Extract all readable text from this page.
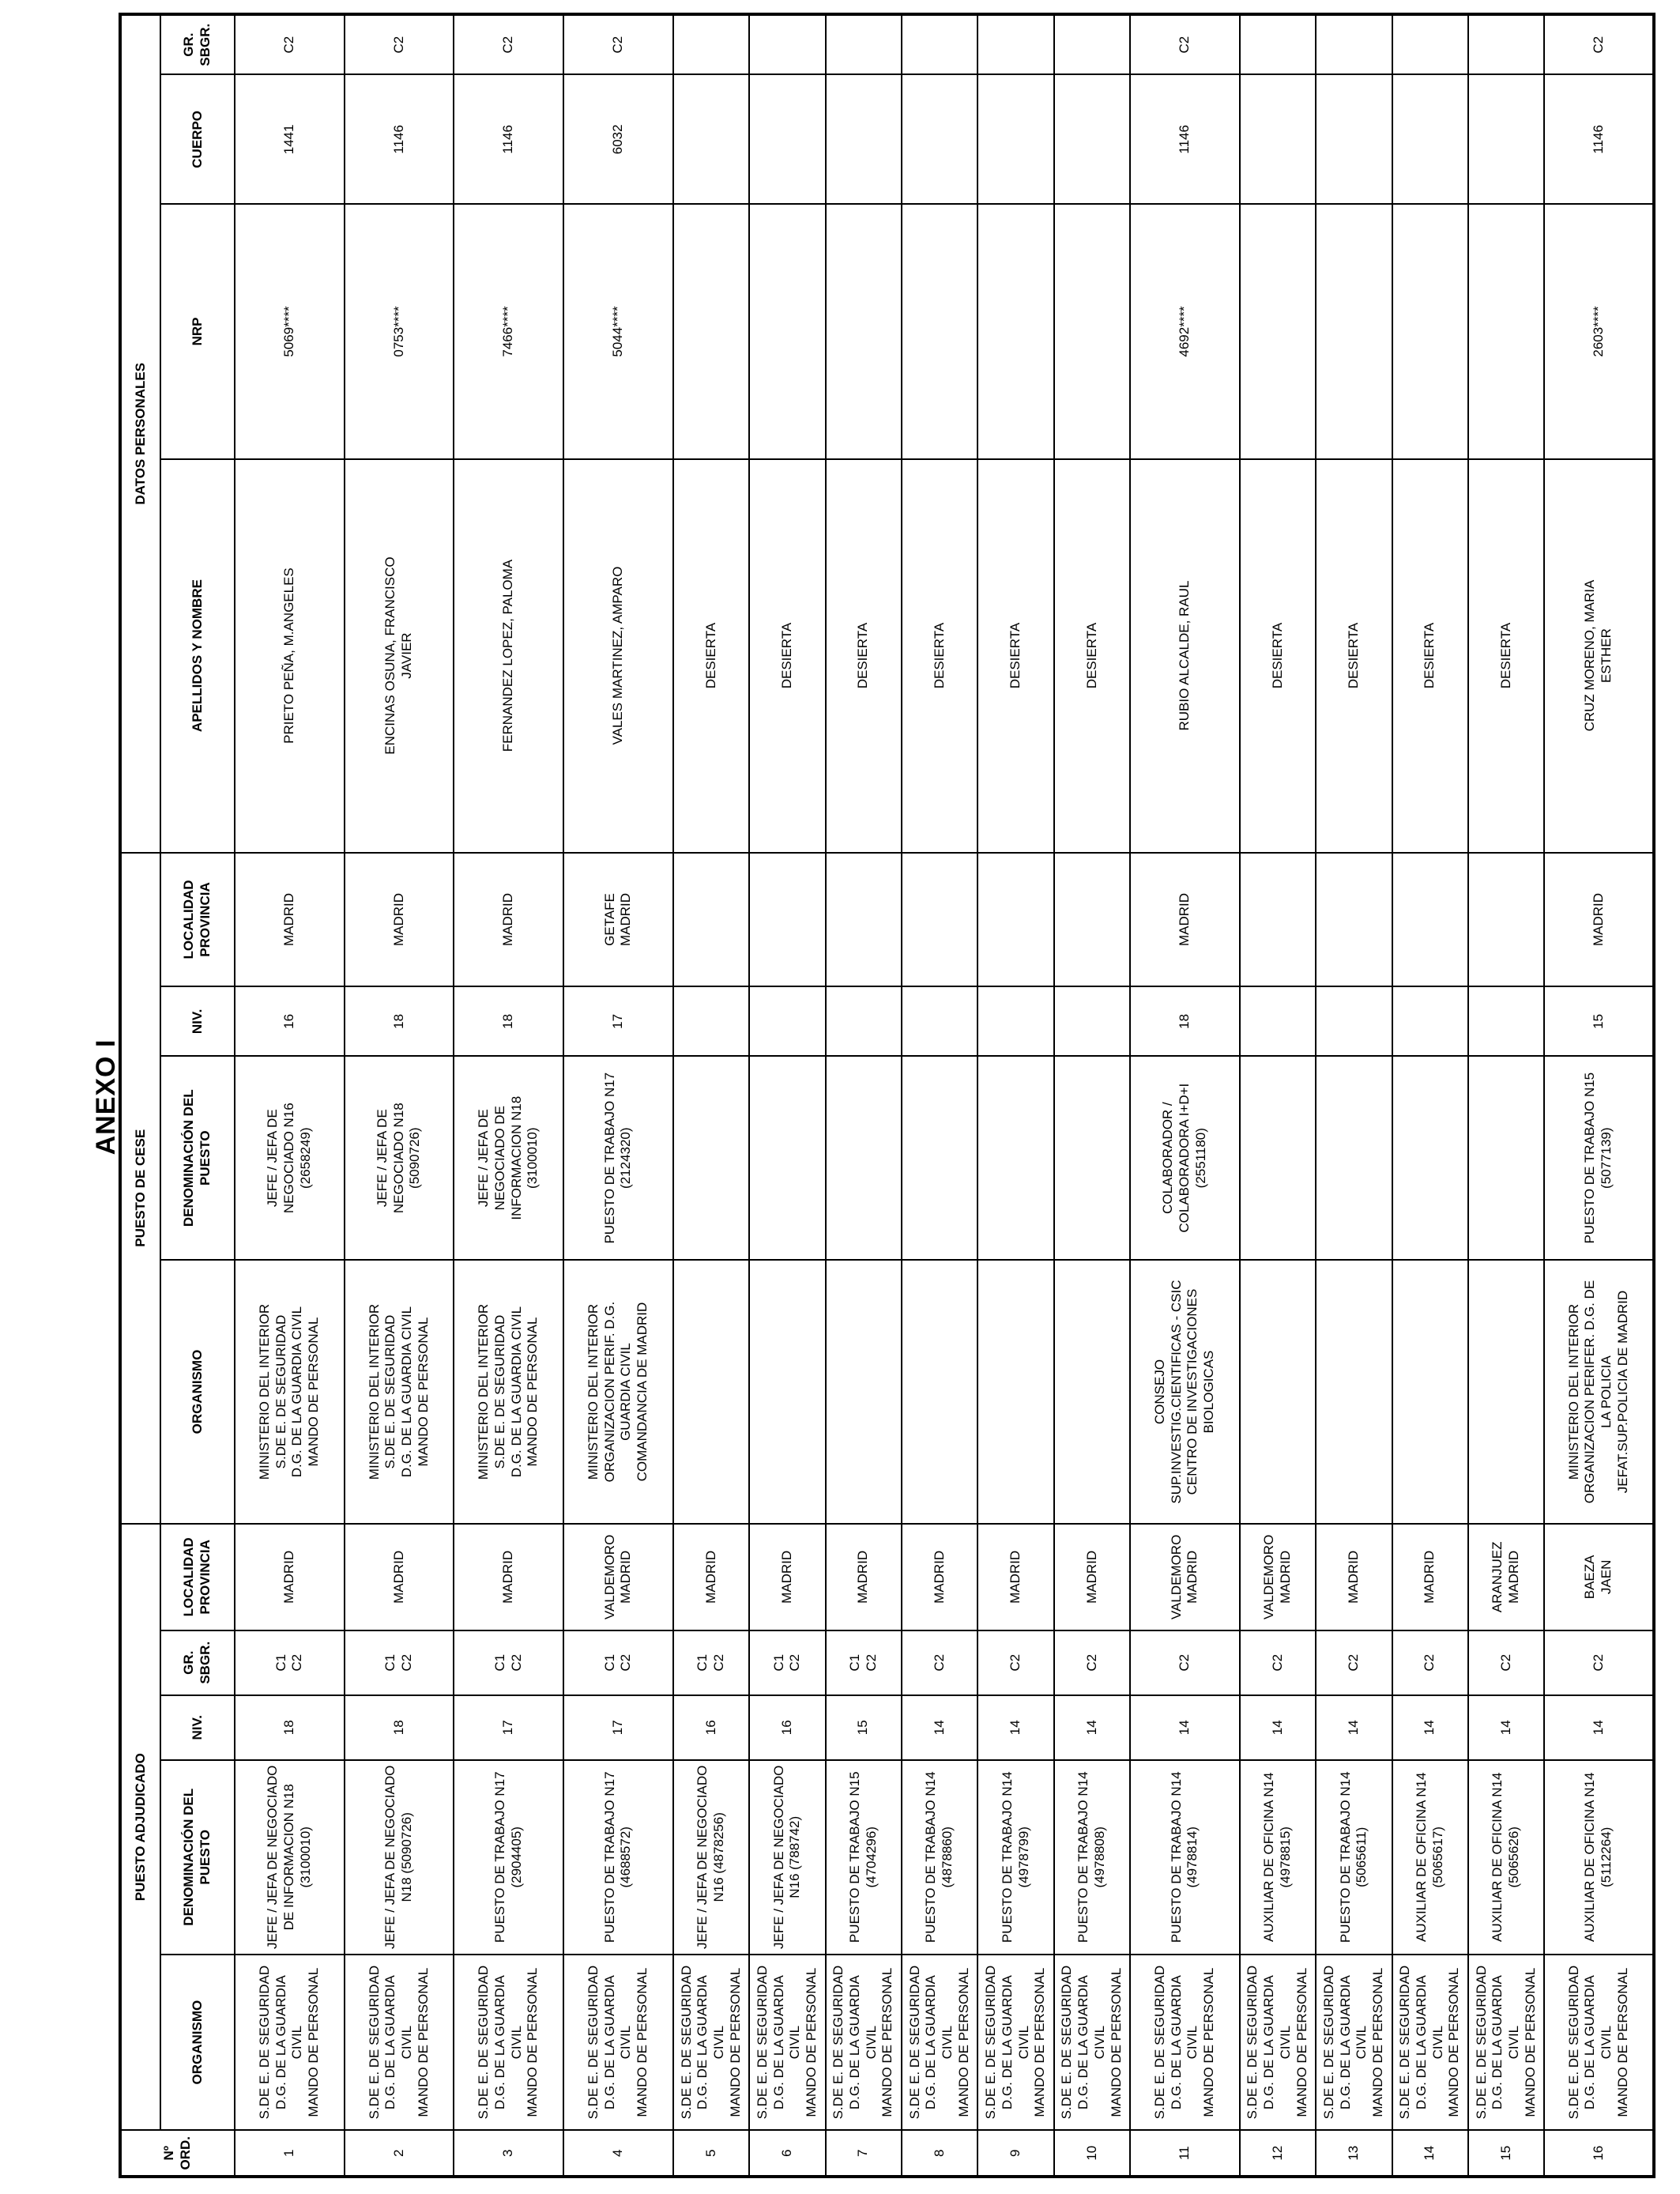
ANEXO I
Nº
ORD.	PUESTO ADJUDICADO					PUESTO DE CESE				DATOS PERSONALES			
	ORGANISMO	DENOMINACIÓN DEL
PUESTO	NIV.	GR.
SBGR.	LOCALIDAD
PROVINCIA	ORGANISMO	DENOMINACIÓN DEL
PUESTO	NIV.	LOCALIDAD
PROVINCIA	APELLIDOS Y NOMBRE	NRP	CUERPO	GR.
SBGR.
1	S.DE E. DE SEGURIDAD
D.G. DE LA GUARDIA CIVIL
MANDO DE PERSONAL	JEFE / JEFA DE NEGOCIADO
DE INFORMACION N18
(3100010)	18	C1
C2	MADRID	MINISTERIO DEL INTERIOR
S.DE E. DE SEGURIDAD
D.G. DE LA GUARDIA CIVIL
MANDO DE PERSONAL	JEFE / JEFA DE
NEGOCIADO N16
(2658249)	16	MADRID	PRIETO PEÑA, M.ANGELES	5069****	1441	C2
2	S.DE E. DE SEGURIDAD
D.G. DE LA GUARDIA CIVIL
MANDO DE PERSONAL	JEFE / JEFA DE NEGOCIADO
N18 (5090726)	18	C1
C2	MADRID	MINISTERIO DEL INTERIOR
S.DE E. DE SEGURIDAD
D.G. DE LA GUARDIA CIVIL
MANDO DE PERSONAL	JEFE / JEFA DE
NEGOCIADO N18
(5090726)	18	MADRID	ENCINAS OSUNA, FRANCISCO
JAVIER	0753****	1146	C2
3	S.DE E. DE SEGURIDAD
D.G. DE LA GUARDIA CIVIL
MANDO DE PERSONAL	PUESTO DE TRABAJO N17
(2904405)	17	C1
C2	MADRID	MINISTERIO DEL INTERIOR
S.DE E. DE SEGURIDAD
D.G. DE LA GUARDIA CIVIL
MANDO DE PERSONAL	JEFE / JEFA DE
NEGOCIADO DE
INFORMACION N18
(3100010)	18	MADRID	FERNANDEZ LOPEZ, PALOMA	7466****	1146	C2
4	S.DE E. DE SEGURIDAD
D.G. DE LA GUARDIA CIVIL
MANDO DE PERSONAL	PUESTO DE TRABAJO N17
(4688572)	17	C1
C2	VALDEMORO
MADRID	MINISTERIO DEL INTERIOR
ORGANIZACION PERIF. D.G.
GUARDIA CIVIL
COMANDANCIA DE MADRID	PUESTO DE TRABAJO N17
(2124320)	17	GETAFE
MADRID	VALES MARTINEZ, AMPARO	5044****	6032	C2
5	S.DE E. DE SEGURIDAD
D.G. DE LA GUARDIA CIVIL
MANDO DE PERSONAL	JEFE / JEFA DE NEGOCIADO
N16 (4878256)	16	C1
C2	MADRID					DESIERTA			
6	S.DE E. DE SEGURIDAD
D.G. DE LA GUARDIA CIVIL
MANDO DE PERSONAL	JEFE / JEFA DE NEGOCIADO
N16 (788742)	16	C1
C2	MADRID					DESIERTA			
7	S.DE E. DE SEGURIDAD
D.G. DE LA GUARDIA CIVIL
MANDO DE PERSONAL	PUESTO DE TRABAJO N15
(4704296)	15	C1
C2	MADRID					DESIERTA			
8	S.DE E. DE SEGURIDAD
D.G. DE LA GUARDIA CIVIL
MANDO DE PERSONAL	PUESTO DE TRABAJO N14
(4878860)	14	C2	MADRID					DESIERTA			
9	S.DE E. DE SEGURIDAD
D.G. DE LA GUARDIA CIVIL
MANDO DE PERSONAL	PUESTO DE TRABAJO N14
(4978799)	14	C2	MADRID					DESIERTA			
10	S.DE E. DE SEGURIDAD
D.G. DE LA GUARDIA CIVIL
MANDO DE PERSONAL	PUESTO DE TRABAJO N14
(4978808)	14	C2	MADRID					DESIERTA			
11	S.DE E. DE SEGURIDAD
D.G. DE LA GUARDIA CIVIL
MANDO DE PERSONAL	PUESTO DE TRABAJO N14
(4978814)	14	C2	VALDEMORO
MADRID	CONSEJO
SUP.INVESTIG.CIENTIFICAS - CSIC
CENTRO DE INVESTIGACIONES
BIOLOGICAS	COLABORADOR /
COLABORADORA I+D+I
(2551180)	18	MADRID	RUBIO ALCALDE, RAUL	4692****	1146	C2
12	S.DE E. DE SEGURIDAD
D.G. DE LA GUARDIA CIVIL
MANDO DE PERSONAL	AUXILIAR DE OFICINA N14
(4978815)	14	C2	VALDEMORO
MADRID					DESIERTA			
13	S.DE E. DE SEGURIDAD
D.G. DE LA GUARDIA CIVIL
MANDO DE PERSONAL	PUESTO DE TRABAJO N14
(5065611)	14	C2	MADRID					DESIERTA			
14	S.DE E. DE SEGURIDAD
D.G. DE LA GUARDIA CIVIL
MANDO DE PERSONAL	AUXILIAR DE OFICINA N14
(5065617)	14	C2	MADRID					DESIERTA			
15	S.DE E. DE SEGURIDAD
D.G. DE LA GUARDIA CIVIL
MANDO DE PERSONAL	AUXILIAR DE OFICINA N14
(5065626)	14	C2	ARANJUEZ
MADRID					DESIERTA			
16	S.DE E. DE SEGURIDAD
D.G. DE LA GUARDIA CIVIL
MANDO DE PERSONAL	AUXILIAR DE OFICINA N14
(5112264)	14	C2	BAEZA
JAEN	MINISTERIO DEL INTERIOR
ORGANIZACION PERIFER. D.G. DE
LA POLICIA
JEFAT.SUP.POLICIA DE MADRID	PUESTO DE TRABAJO N15
(5077139)	15	MADRID	CRUZ MORENO, MARIA
ESTHER	2603****	1146	C2
